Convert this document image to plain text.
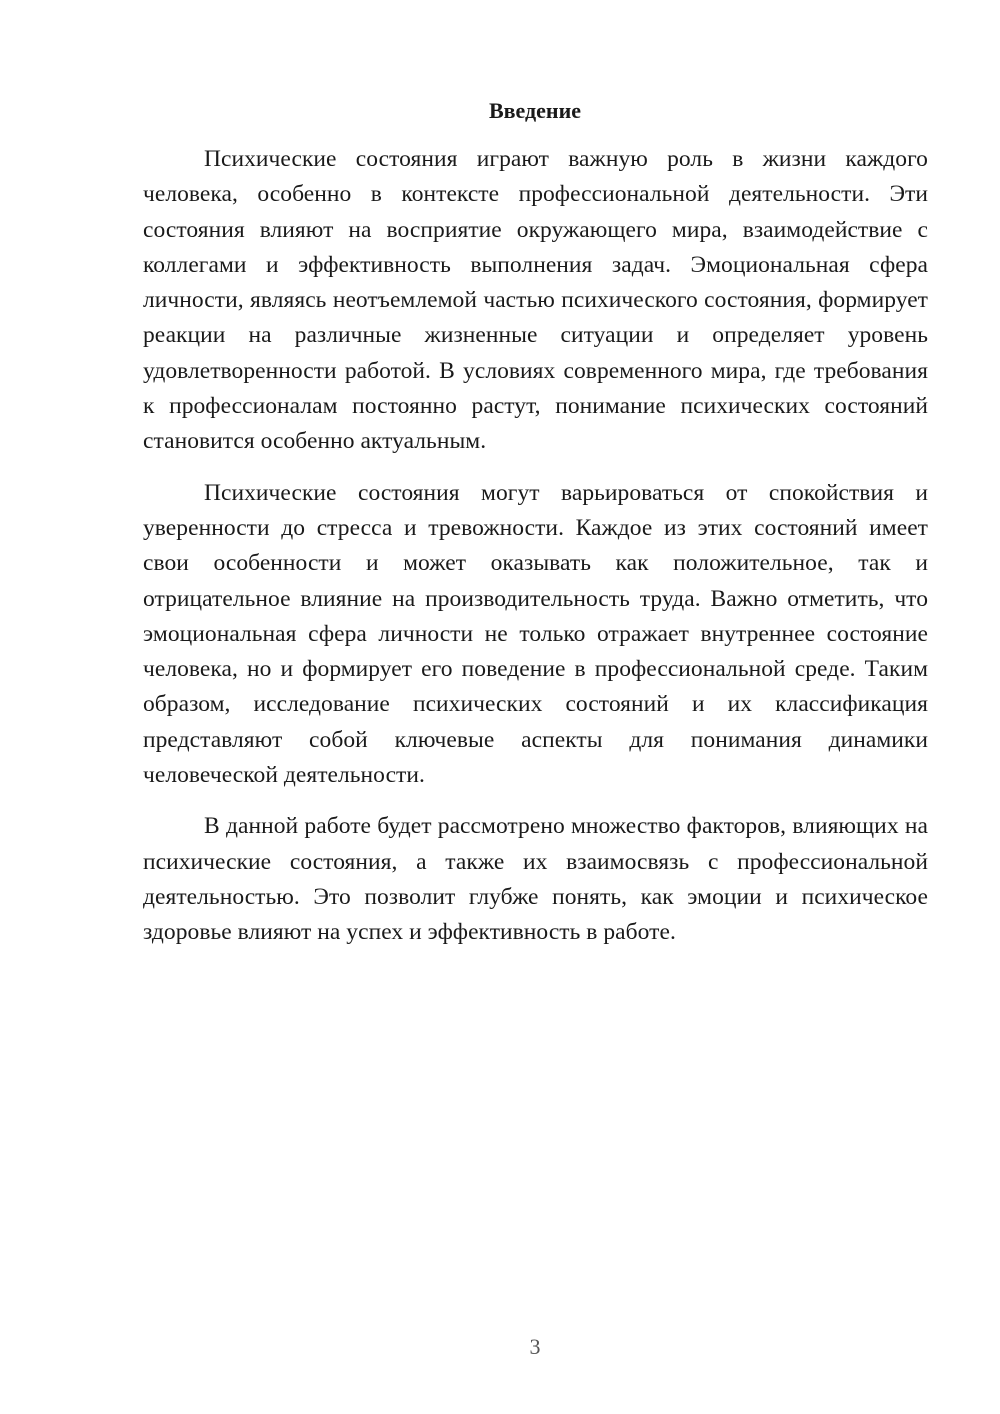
Введение

Психические состояния играют важную роль в жизни каждого человека, особенно в контексте профессиональной деятельности. Эти состояния влияют на восприятие окружающего мира, взаимодействие с коллегами и эффективность выполнения задач. Эмоциональная сфера личности, являясь неотъемлемой частью психического состояния, формирует реакции на различные жизненные ситуации и определяет уровень удовлетворенности работой. В условиях современного мира, где требования к профессионалам постоянно растут, понимание психических состояний становится особенно актуальным.

Психические состояния могут варьироваться от спокойствия и уверенности до стресса и тревожности. Каждое из этих состояний имеет свои особенности и может оказывать как положительное, так и отрицательное влияние на производительность труда. Важно отметить, что эмоциональная сфера личности не только отражает внутреннее состояние человека, но и формирует его поведение в профессиональной среде. Таким образом, исследование психических состояний и их классификация представляют собой ключевые аспекты для понимания динамики человеческой деятельности.

В данной работе будет рассмотрено множество факторов, влияющих на психические состояния, а также их взаимосвязь с профессиональной деятельностью. Это позволит глубже понять, как эмоции и психическое здоровье влияют на успех и эффективность в работе.

3
